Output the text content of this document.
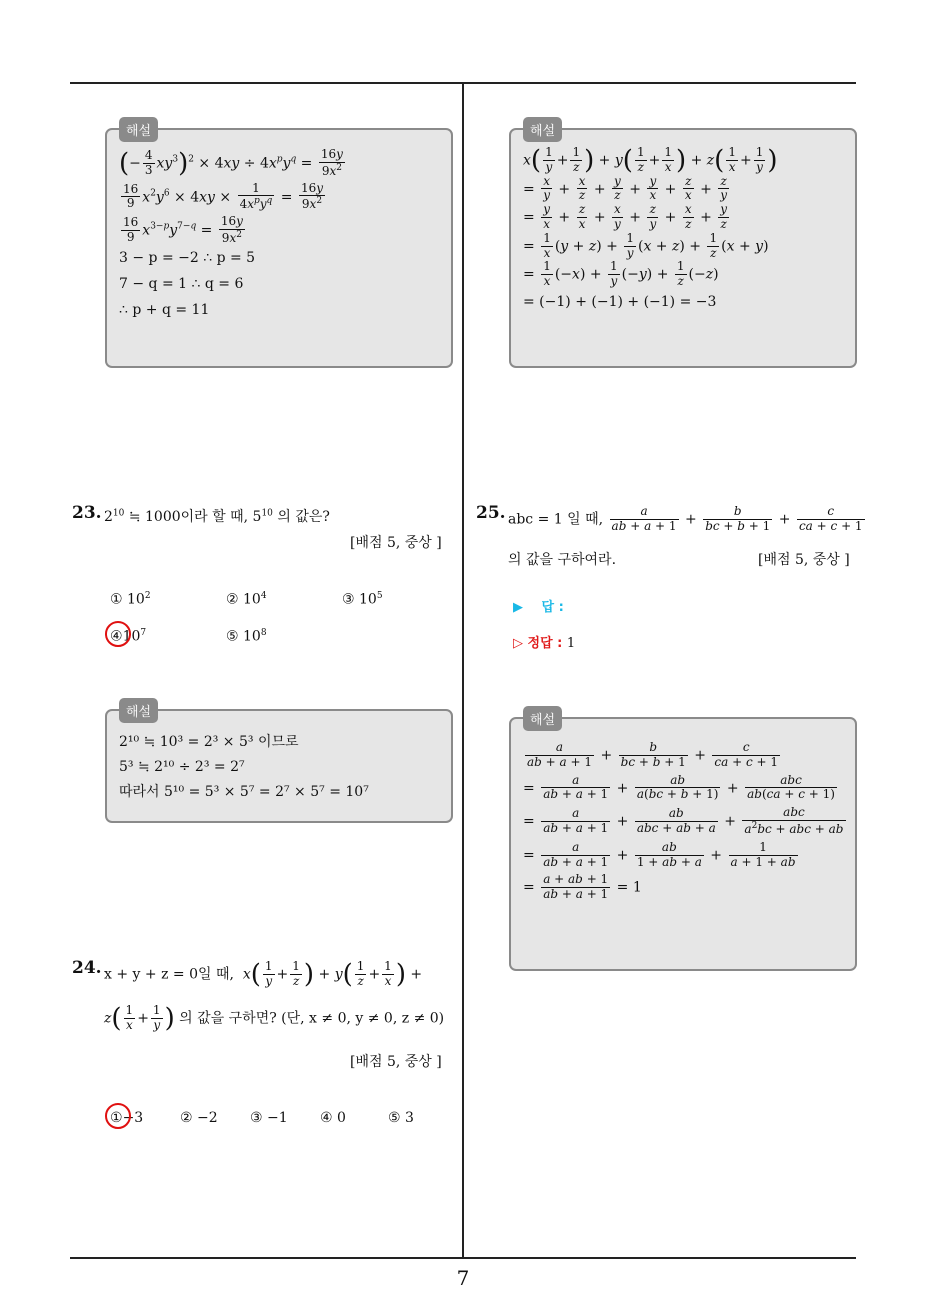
7
해설
(− $\frac{4}{3} xy^3)^2 \times 4xy \div 4x^py^q = \frac{16y}{9x^2}$
$\frac{16}{9} x^2y^6 \times 4xy \times \frac{1}{4x^py^q} = \frac{16y}{9x^2}$
$\frac{16}{9} x^{3-p}y^{7-q} = \frac{16y}{9x^2}$
3 − p = −2 ∴ p = 5
7 − q = 1 ∴ q = 6
∴ p + q = 11
23. $2^{10}$ ≒ 1000이라 할 때, $5^{10}$ 의 값은?
[배점 5, 중상 ]
① $10^2$	② $10^4$	③ $10^5$
$④10^7$	⑤ $10^8$
해설
2¹⁰ ≒ 10³ = 2³ × 5³ 이므로
5³ ≒ 2¹⁰ ÷ 2³ = 2⁷
따라서 5¹⁰ = 5³ × 5⁷ = 2⁷ × 5⁷ = 10⁷
24. x + y + z = 0일 때, $x( \frac{1}{y} + \frac{1}{z}$ ) + $y( \frac{1}{z} + \frac{1}{x}$ ) +
$z( \frac{1}{x} + \frac{1}{y}$ ) 의 값을 구하면? (단, x ≠ 0, y ≠ 0, z ≠ 0)
[배점 5, 중상 ]
①−3	② −2	③ −1	④ 0	⑤ 3
해설
$x( \frac{1}{y} + \frac{1}{z}$ ) + $y( \frac{1}{z} + \frac{1}{x}$ ) + $z( \frac{1}{x} + \frac{1}{y}$ )
= $\frac{x}{y} + \frac{x}{z} + \frac{y}{z} + \frac{y}{x} + \frac{z}{x} + \frac{z}{y}$
= $\frac{y}{x} + \frac{z}{x} + \frac{x}{y} + \frac{z}{y} + \frac{x}{z} + \frac{y}{z}$
= $\frac{1}{x} (y + z) + \frac{1}{y} (x + z) + \frac{1}{z} (x + y)$
= $\frac{1}{x} (-x) + \frac{1}{y} (-y) + \frac{1}{z} (-z)$
= (−1) + (−1) + (−1) = −3
25. abc = 1 일 때, $\frac{a}{ab + a + 1} + \frac{b}{bc + b + 1} + \frac{c}{ca + c + 1}$
의 값을 구하여라.	[배점 5, 중상 ]
▶ 답 :
▷ 정답 : 1
해설
$\frac{a}{ab + a + 1} + \frac{b}{bc + b + 1} + \frac{c}{ca + c + 1}$
= $\frac{a}{ab + a + 1} + \frac{ab}{a(bc + b + 1)} + \frac{\text{abc}}{ab(ca + c + 1)}$
= $\frac{a}{ab + a + 1} + \frac{ab}{\text{abc + ab + a}} + \frac{\text{abc}}{a^2bc + abc + ab}$
= $\frac{a}{ab + a + 1} + \frac{ab}{1 + ab + a} + \frac{1}{a + 1 + ab}$
= $\frac{a + ab + 1}{ab + a + 1} = 1$
